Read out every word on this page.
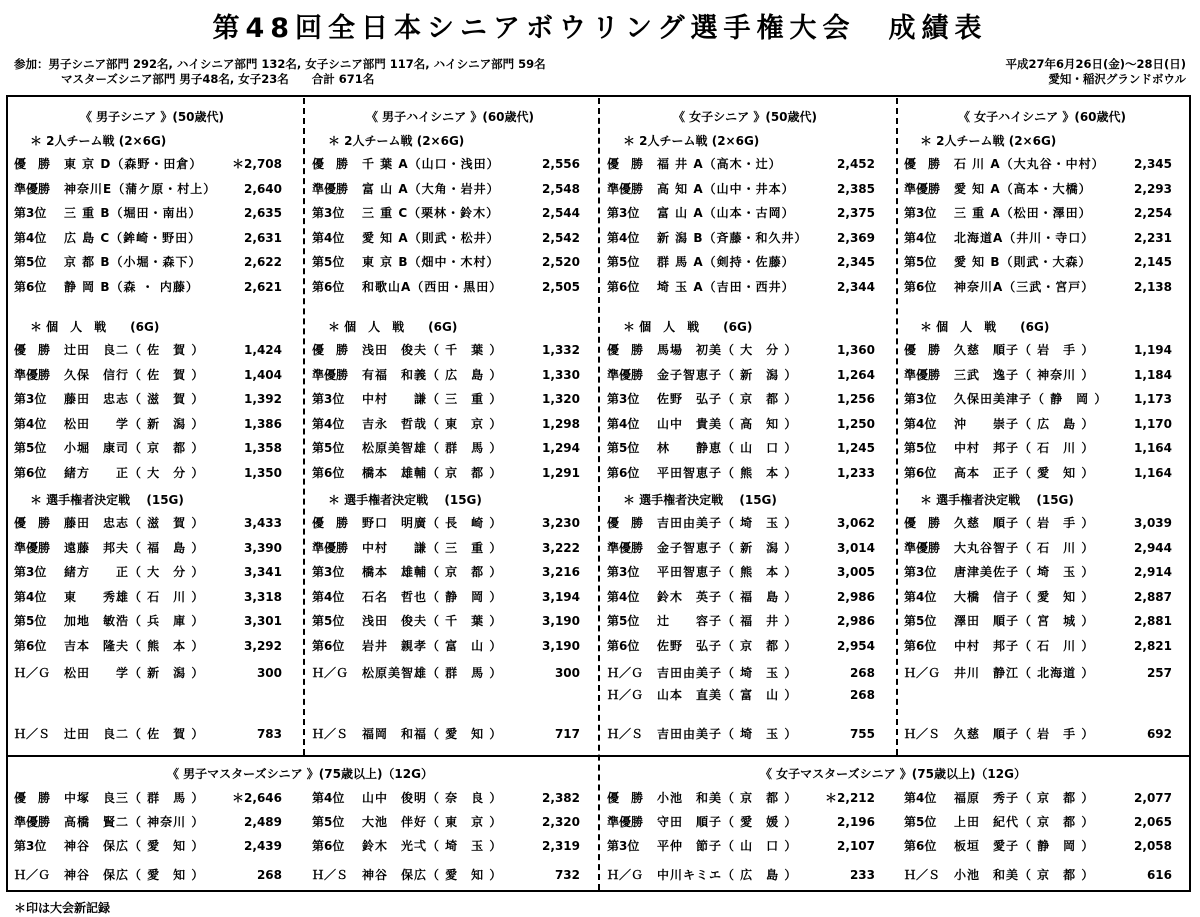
第48回全日本シニアボウリング選手権大会　成績表
参加：男子シニア部門 292名, ハイシニア部門 132名, 女子シニア部門 117名, ハイシニア部門 59名
マスターズシニア部門 男子48名, 女子23名　　合計 671名
平成27年6月26日(金)～28日(日)
愛知・稲沢グランドボウル
《 男子シニア 》(50歳代)
＊ 2人チーム戦 (2×6G)
優　勝	東 京 D（森野・田倉） ＊2,708
準優勝	神奈川E（蒲ケ原・村上） 2,640
第3位	三 重 B（堀田・南出）	2,635
第4位	広 島 C（鉾崎・野田）	2,631
第5位	京 都 B（小堀・森下）	2,622
第6位	静 岡 B（森 ・ 内藤）	2,621
＊ 個　人　戦　　(6G)
優　勝	辻田　良二（ 佐　賀 ）	1,424
準優勝	久保　信行（ 佐　賀 ）	1,404
第3位	藤田　忠志（ 滋　賀 ）	1,392
第4位	松田　　学（ 新　潟 ）	1,386
第5位	小堀　康司（ 京　都 ）	1,358
第6位	緒方　　正（ 大　分 ）	1,350
＊ 選手権者決定戦　 (15G)
優　勝	藤田　忠志（ 滋　賀 ）	3,433
準優勝	遠藤　邦夫（ 福　島 ）	3,390
第3位	緒方　　正（ 大　分 ）	3,341
第4位	東　　秀雄（ 石　川 ）	3,318
第5位	加地　敏浩（ 兵　庫 ）	3,301
第6位	吉本　隆夫（ 熊　本 ）	3,292
Ｈ／Ｇ	松田　　学（ 新　潟 ）	300
Ｈ／Ｓ	辻田　良二（ 佐　賀 ）	783
《 男子ハイシニア 》(60歳代)
＊ 2人チーム戦 (2×6G)
優　勝	千 葉 A（山口・浅田）	2,556
準優勝	富 山 A（大角・岩井）	2,548
第3位	三 重 C（栗林・鈴木）	2,544
第4位	愛 知 A（則武・松井）	2,542
第5位	東 京 B（畑中・木村）	2,520
第6位	和歌山A（西田・黒田）	2,505
＊ 個　人　戦　　(6G)
優　勝	浅田　俊夫（ 千　葉 ）	1,332
準優勝	有福　和義（ 広　島 ）	1,330
第3位	中村　　謙（ 三　重 ）	1,320
第4位	吉永　哲哉（ 東　京 ）	1,298
第5位	松原美智雄（ 群　馬 ）	1,294
第6位	橋本　雄輔（ 京　都 ）	1,291
＊ 選手権者決定戦　 (15G)
優　勝	野口　明廣（ 長　崎 ）	3,230
準優勝	中村　　謙（ 三　重 ）	3,222
第3位	橋本　雄輔（ 京　都 ）	3,216
第4位	石名　哲也（ 静　岡 ）	3,194
第5位	浅田　俊夫（ 千　葉 ）	3,190
第6位	岩井　親孝（ 富　山 ）	3,190
Ｈ／Ｇ	松原美智雄（ 群　馬 ）	300
Ｈ／Ｓ	福岡　和福（ 愛　知 ）	717
《 女子シニア 》(50歳代)
＊ 2人チーム戦 (2×6G)
優　勝	福 井 A（高木・辻）	2,452
準優勝	高 知 A（山中・井本）	2,385
第3位	富 山 A（山本・古岡）	2,375
第4位	新 潟 B（斉藤・和久井） 2,369
第5位	群 馬 A（剣持・佐藤）	2,345
第6位	埼 玉 A（吉田・西井）	2,344
＊ 個　人　戦　　(6G)
優　勝	馬場　初美（ 大　分 ）	1,360
準優勝	金子智恵子（ 新　潟 ）	1,264
第3位	佐野　弘子（ 京　都 ）	1,256
第4位	山中　貴美（ 高　知 ）	1,250
第5位	林　　静恵（ 山　口 ）	1,245
第6位	平田智恵子（ 熊　本 ）	1,233
＊ 選手権者決定戦　 (15G)
優　勝	吉田由美子（ 埼　玉 ）	3,062
準優勝	金子智恵子（ 新　潟 ）	3,014
第3位	平田智恵子（ 熊　本 ）	3,005
第4位	鈴木　英子（ 福　島 ）	2,986
第5位	辻　　容子（ 福　井 ）	2,986
第6位	佐野　弘子（ 京　都 ）	2,954
Ｈ／Ｇ	吉田由美子（ 埼　玉 ）	268
Ｈ／Ｇ	山本　直美（ 富　山 ）	268
Ｈ／Ｓ	吉田由美子（ 埼　玉 ）	755
《 女子ハイシニア 》(60歳代)
＊ 2人チーム戦 (2×6G)
優　勝	石 川 A（大丸谷・中村） 2,345
準優勝	愛 知 A（高本・大橋）	2,293
第3位	三 重 A（松田・澤田）	2,254
第4位	北海道A（井川・寺口）	2,231
第5位	愛 知 B（則武・大森）	2,145
第6位	神奈川A（三武・宮戸）	2,138
＊ 個　人　戦　　(6G)
優　勝	久慈　順子（ 岩　手 ）	1,194
準優勝	三武　逸子（ 神奈川 ）	1,184
第3位	久保田美津子（ 静　岡 ） 1,173
第4位	沖　　崇子（ 広　島 ）	1,170
第5位	中村　邦子（ 石　川 ）	1,164
第6位	高本　正子（ 愛　知 ）	1,164
＊ 選手権者決定戦　 (15G)
優　勝	久慈　順子（ 岩　手 ）	3,039
準優勝	大丸谷智子（ 石　川 ）	2,944
第3位	唐津美佐子（ 埼　玉 ）	2,914
第4位	大橋　信子（ 愛　知 ）	2,887
第5位	澤田　順子（ 宮　城 ）	2,881
第6位	中村　邦子（ 石　川 ）	2,821
Ｈ／Ｇ	井川　静江（ 北海道 ）	257
Ｈ／Ｓ	久慈　順子（ 岩　手 ）	692
《 男子マスターズシニア 》(75歳以上)（12G）
優　勝	中塚　良三（ 群　馬 ） ＊2,646
準優勝	高橋　賢二（ 神奈川 ）	2,489
第3位	神谷　保広（ 愛　知 ）	2,439
Ｈ／Ｇ	神谷　保広（ 愛　知 ）	268
第4位	山中　俊明（ 奈　良 ）	2,382
第5位	大池　伴好（ 東　京 ）	2,320
第6位	鈴木　光弌（ 埼　玉 ）	2,319
Ｈ／Ｓ	神谷　保広（ 愛　知 ）	732
《 女子マスターズシニア 》(75歳以上)（12G）
優　勝	小池　和美（ 京　都 ） ＊2,212
準優勝	守田　順子（ 愛　媛 ）	2,196
第3位	平仲　節子（ 山　口 ）	2,107
Ｈ／Ｇ	中川キミエ（ 広　島 ）	233
第4位	福原　秀子（ 京　都 ）	2,077
第5位	上田　紀代（ 京　都 ）	2,065
第6位	板垣　愛子（ 静　岡 ）	2,058
Ｈ／Ｓ	小池　和美（ 京　都 ）	616
＊印は大会新記録
